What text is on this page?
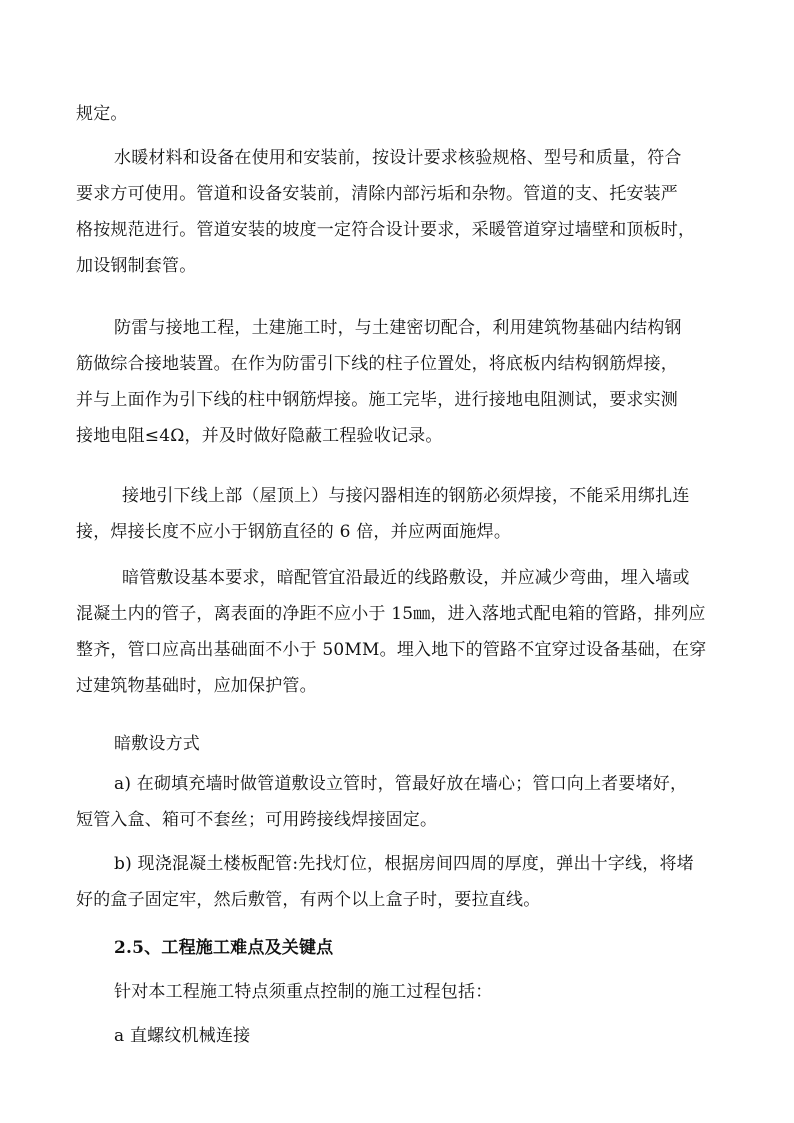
规定。

水暖材料和设备在使用和安装前，按设计要求核验规格、型号和质量，符合
要求方可使用。管道和设备安装前，清除内部污垢和杂物。管道的支、托安装严
格按规范进行。管道安装的坡度一定符合设计要求，采暖管道穿过墙壁和顶板时，
加设钢制套管。

防雷与接地工程，土建施工时，与土建密切配合，利用建筑物基础内结构钢
筋做综合接地装置。在作为防雷引下线的柱子位置处，将底板内结构钢筋焊接，
并与上面作为引下线的柱中钢筋焊接。施工完毕，进行接地电阻测试，要求实测
接地电阻≤4Ω，并及时做好隐蔽工程验收记录。

接地引下线上部（屋顶上）与接闪器相连的钢筋必须焊接，不能采用绑扎连
接，焊接长度不应小于钢筋直径的 6 倍，并应两面施焊。

暗管敷设基本要求，暗配管宜沿最近的线路敷设，并应减少弯曲，埋入墙或
混凝土内的管子，离表面的净距不应小于 15㎜，进入落地式配电箱的管路，排列应
整齐，管口应高出基础面不小于 50MM。埋入地下的管路不宜穿过设备基础，在穿
过建筑物基础时，应加保护管。

暗敷设方式

a) 在砌填充墙时做管道敷设立管时，管最好放在墙心；管口向上者要堵好，
短管入盒、箱可不套丝；可用跨接线焊接固定。

b) 现浇混凝土楼板配管:先找灯位，根据房间四周的厚度，弹出十字线，将堵
好的盒子固定牢，然后敷管，有两个以上盒子时，要拉直线。

2.5、工程施工难点及关键点

针对本工程施工特点须重点控制的施工过程包括：

a 直螺纹机械连接
